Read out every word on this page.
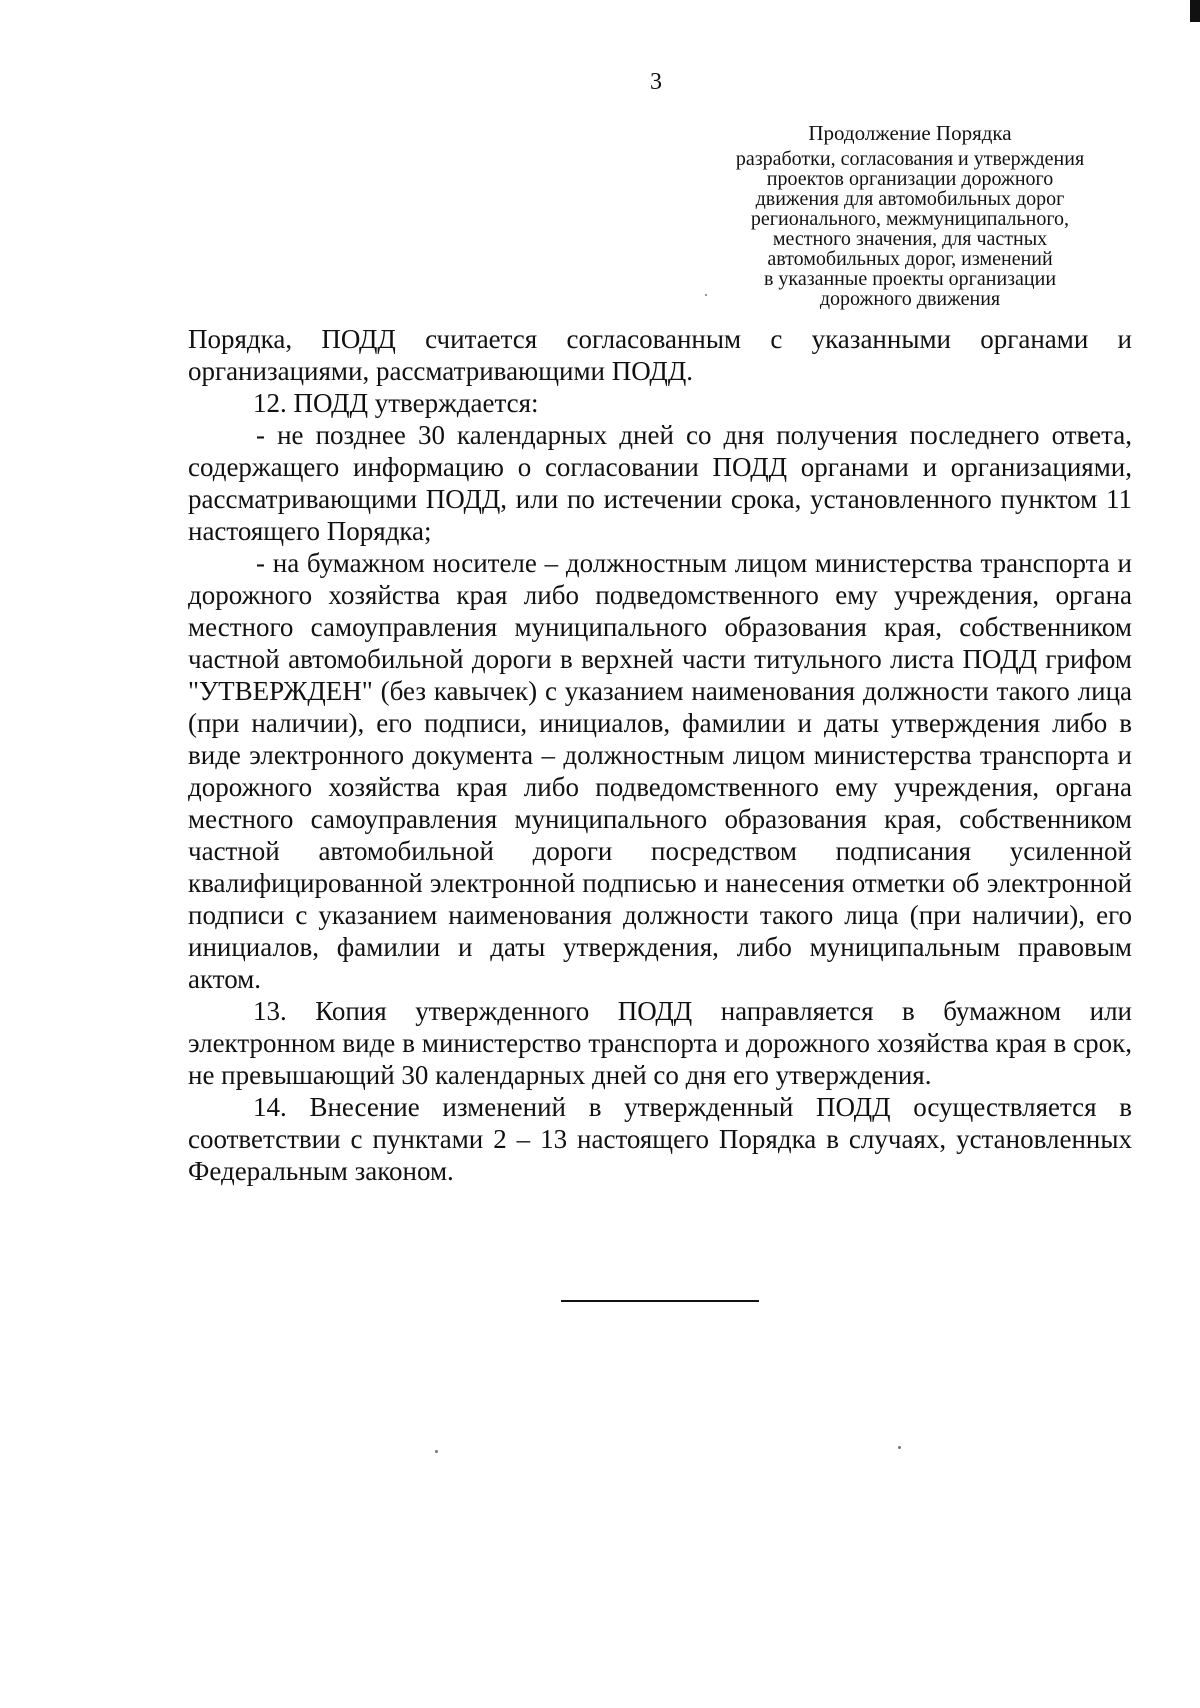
3
Продолжение Порядка
разработки, согласования и утверждения
проектов организации дорожного
движения для автомобильных дорог
регионального, межмуниципального,
местного значения, для частных
автомобильных дорог, изменений
в указанные проекты организации
дорожного движения

Порядка, ПОДД считается согласованным с указанными органами и организациями, рассматривающими ПОДД.

12. ПОДД утверждается:

- не позднее 30 календарных дней со дня получения последнего ответа, содержащего информацию о согласовании ПОДД органами и организациями, рассматривающими ПОДД, или по истечении срока, установленного пунктом 11 настоящего Порядка;

- на бумажном носителе – должностным лицом министерства транспорта и дорожного хозяйства края либо подведомственного ему учреждения, органа местного самоуправления муниципального образования края, собственником частной автомобильной дороги в верхней части титульного листа ПОДД грифом "УТВЕРЖДЕН" (без кавычек) с указанием наименования должности такого лица (при наличии), его подписи, инициалов, фамилии и даты утверждения либо в виде электронного документа – должностным лицом министерства транспорта и дорожного хозяйства края либо подведомственного ему учреждения, органа местного самоуправления муниципального образования края, собственником частной автомобильной дороги посредством подписания усиленной квалифицированной электронной подписью и нанесения отметки об электронной подписи с указанием наименования должности такого лица (при наличии), его инициалов, фамилии и даты утверждения, либо муниципальным правовым актом.

13. Копия утвержденного ПОДД направляется в бумажном или электронном виде в министерство транспорта и дорожного хозяйства края в срок, не превышающий 30 календарных дней со дня его утверждения.

14. Внесение изменений в утвержденный ПОДД осуществляется в соответствии с пунктами 2 – 13 настоящего Порядка в случаях, установленных Федеральным законом.
